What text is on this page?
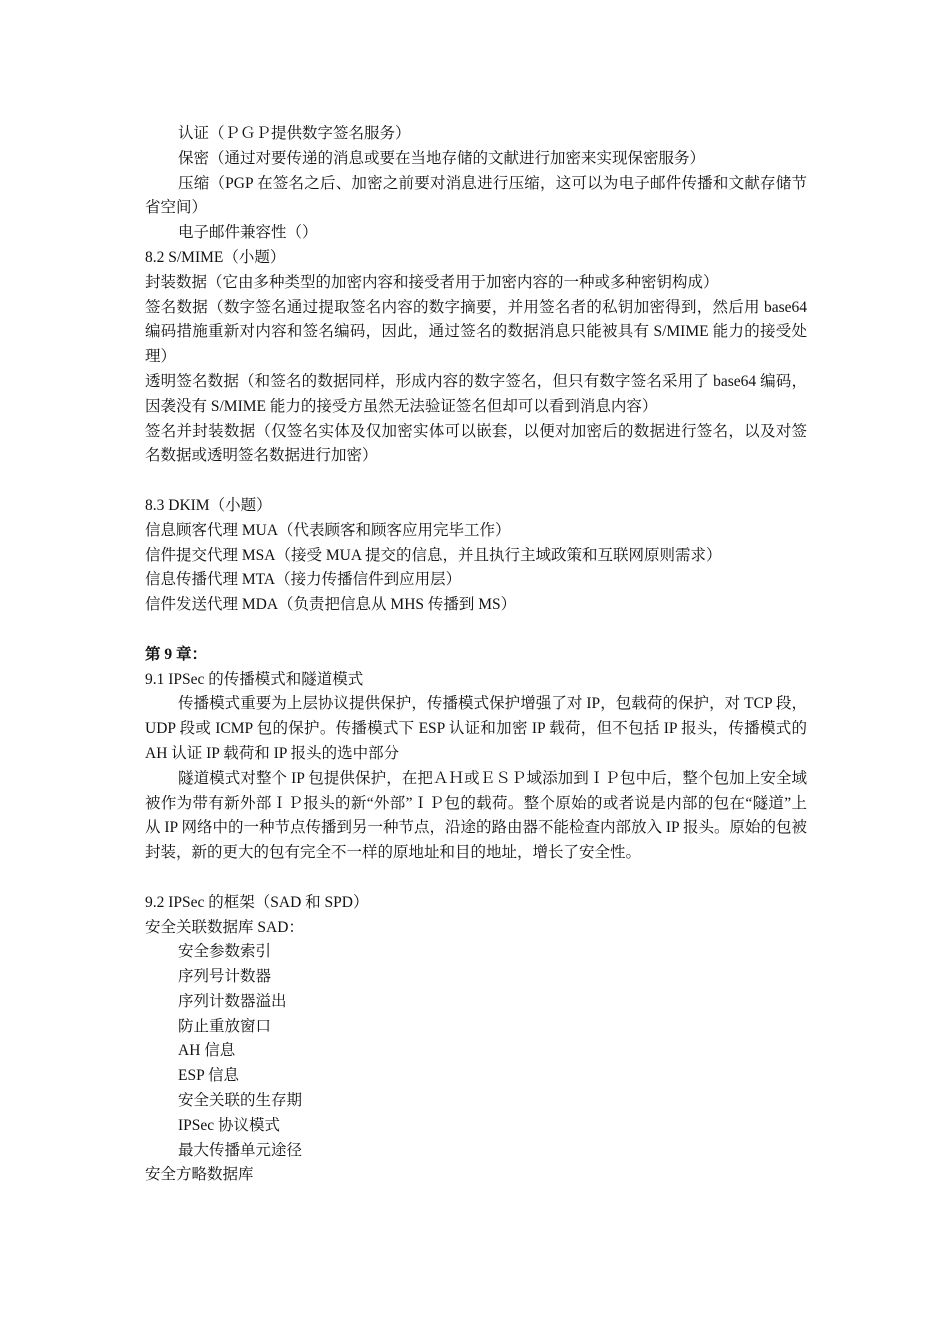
认证（ＰＧＰ提供数字签名服务）

保密（通过对要传递的消息或要在当地存储的文献进行加密来实现保密服务）

压缩（PGP 在签名之后、加密之前要对消息进行压缩，这可以为电子邮件传播和文献存储节省空间）

电子邮件兼容性（）

8.2 S/MIME（小题）

封装数据（它由多种类型的加密内容和接受者用于加密内容的一种或多种密钥构成）

签名数据（数字签名通过提取签名内容的数字摘要，并用签名者的私钥加密得到，然后用 base64 编码措施重新对内容和签名编码，因此，通过签名的数据消息只能被具有 S/MIME 能力的接受处理）

透明签名数据（和签名的数据同样，形成内容的数字签名，但只有数字签名采用了 base64 编码，因袭没有 S/MIME 能力的接受方虽然无法验证签名但却可以看到消息内容）

签名并封装数据（仅签名实体及仅加密实体可以嵌套，以便对加密后的数据进行签名，以及对签名数据或透明签名数据进行加密）

8.3 DKIM（小题）

信息顾客代理 MUA（代表顾客和顾客应用完毕工作）

信件提交代理 MSA（接受 MUA 提交的信息，并且执行主域政策和互联网原则需求）

信息传播代理 MTA（接力传播信件到应用层）

信件发送代理 MDA（负责把信息从 MHS 传播到 MS）

第 9 章：

9.1 IPSec 的传播模式和隧道模式

传播模式重要为上层协议提供保护，传播模式保护增强了对 IP，包载荷的保护，对 TCP 段，UDP 段或 ICMP 包的保护。传播模式下 ESP 认证和加密 IP 载荷，但不包括 IP 报头，传播模式的 AH 认证 IP 载荷和 IP 报头的选中部分

隧道模式对整个 IP 包提供保护，在把ＡＨ或ＥＳＰ域添加到ＩＰ包中后，整个包加上安全域被作为带有新外部ＩＰ报头的新“外部”ＩＰ包的载荷。整个原始的或者说是内部的包在“隧道”上从 IP 网络中的一种节点传播到另一种节点，沿途的路由器不能检查内部放入 IP 报头。原始的包被封装，新的更大的包有完全不一样的原地址和目的地址，增长了安全性。

9.2 IPSec 的框架（SAD 和 SPD）

安全关联数据库 SAD：

安全参数索引

序列号计数器

序列计数器溢出

防止重放窗口

AH 信息

ESP 信息

安全关联的生存期

IPSec 协议模式

最大传播单元途径

安全方略数据库
